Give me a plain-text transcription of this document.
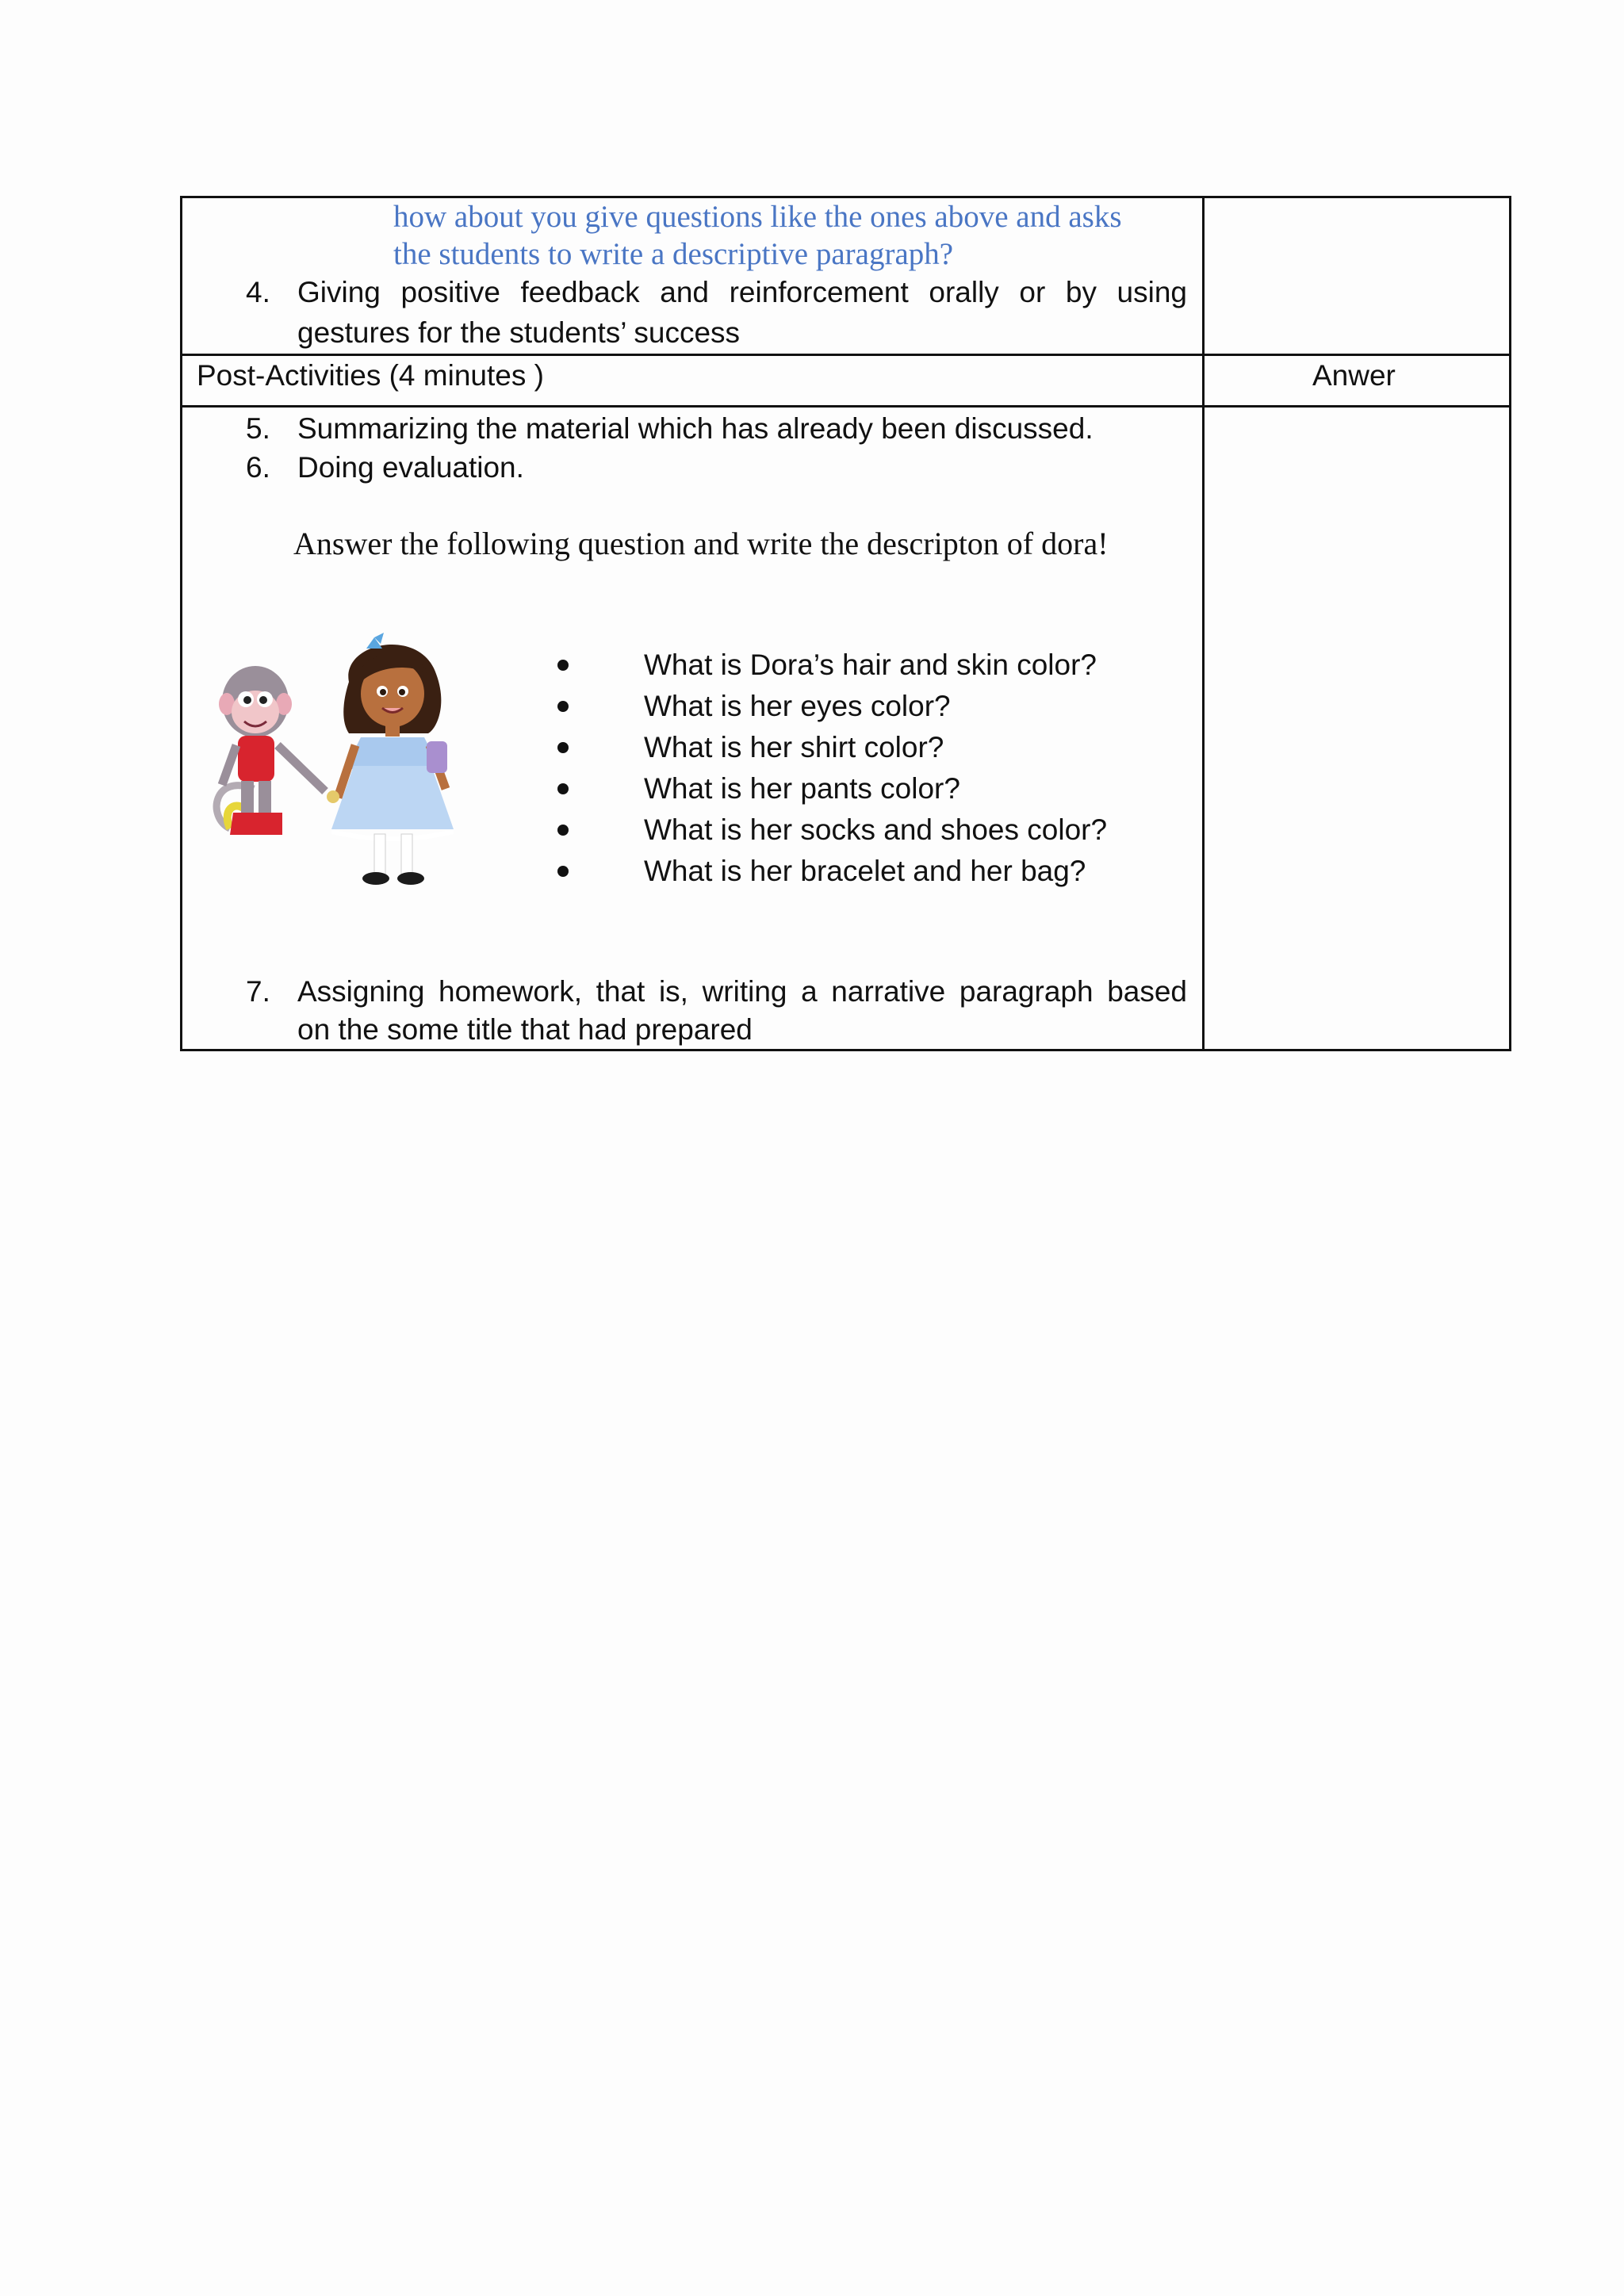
how about you give questions like the ones above and asks
the students to write a descriptive paragraph?
4. Giving positive feedback and reinforcement orally or by using
gestures for the students’ success
Post-Activities (4 minutes )	Anwer
5. Summarizing the material which has already been discussed.
6. Doing evaluation.
Answer the following question and write the descripton of dora!
What is Dora’s hair and skin color?
What is her eyes color?
What is her shirt color?
What is her pants color?
What is her socks and shoes color?
What is her bracelet and her bag?
7. Assigning homework, that is, writing a narrative paragraph based
on the some title that had prepared
